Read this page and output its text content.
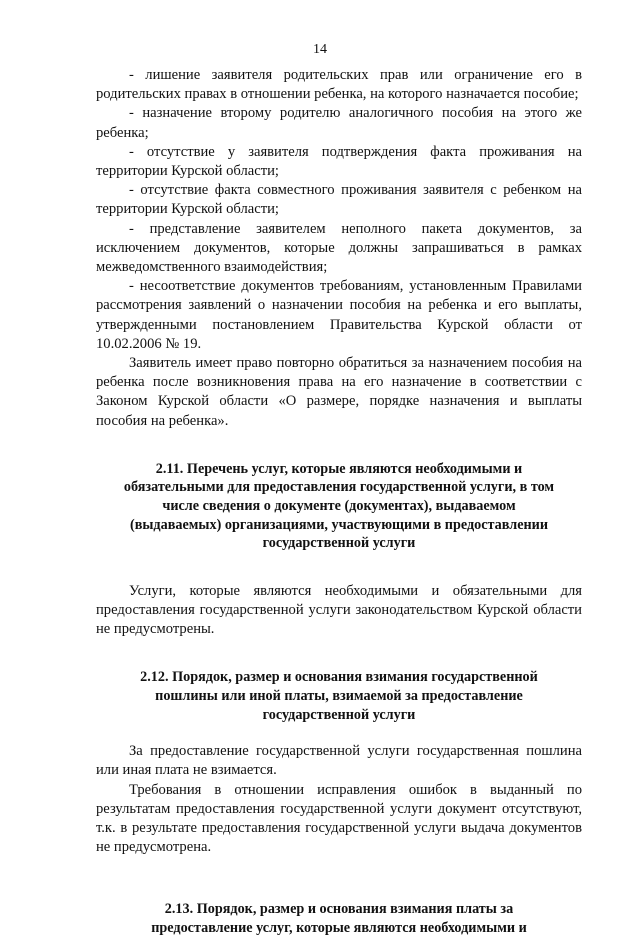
14

- лишение заявителя родительских прав или ограничение его в родительских правах в отношении ребенка, на которого назначается пособие;

- назначение второму родителю аналогичного пособия на этого же ребенка;

- отсутствие у заявителя подтверждения факта проживания на территории Курской области;

- отсутствие факта совместного проживания заявителя с ребенком на территории Курской области;

- представление заявителем неполного пакета документов, за исключением документов, которые должны запрашиваться в рамках межведомственного взаимодействия;

- несоответствие документов требованиям, установленным Правилами рассмотрения заявлений о назначении пособия на ребенка и его выплаты, утвержденными постановлением Правительства Курской области от 10.02.2006 № 19.

Заявитель имеет право повторно обратиться за назначением пособия на ребенка после возникновения права на его назначение в соответствии с Законом Курской области «О размере, порядке назначения и выплаты пособия на ребенка».

2.11. Перечень услуг, которые являются необходимыми и обязательными для предоставления государственной услуги, в том числе сведения о документе (документах), выдаваемом (выдаваемых) организациями, участвующими в предоставлении государственной услуги

Услуги, которые являются необходимыми и обязательными для предоставления государственной услуги законодательством Курской области не предусмотрены.

2.12. Порядок, размер и основания взимания государственной пошлины или иной платы, взимаемой за предоставление государственной услуги

За предоставление государственной услуги государственная пошлина или иная плата не взимается.

Требования в отношении исправления ошибок в выданный по результатам предоставления государственной услуги документ отсутствуют, т.к. в результате предоставления государственной услуги выдача документов не предусмотрена.

2.13. Порядок, размер и основания взимания платы за предоставление услуг, которые являются необходимыми и
